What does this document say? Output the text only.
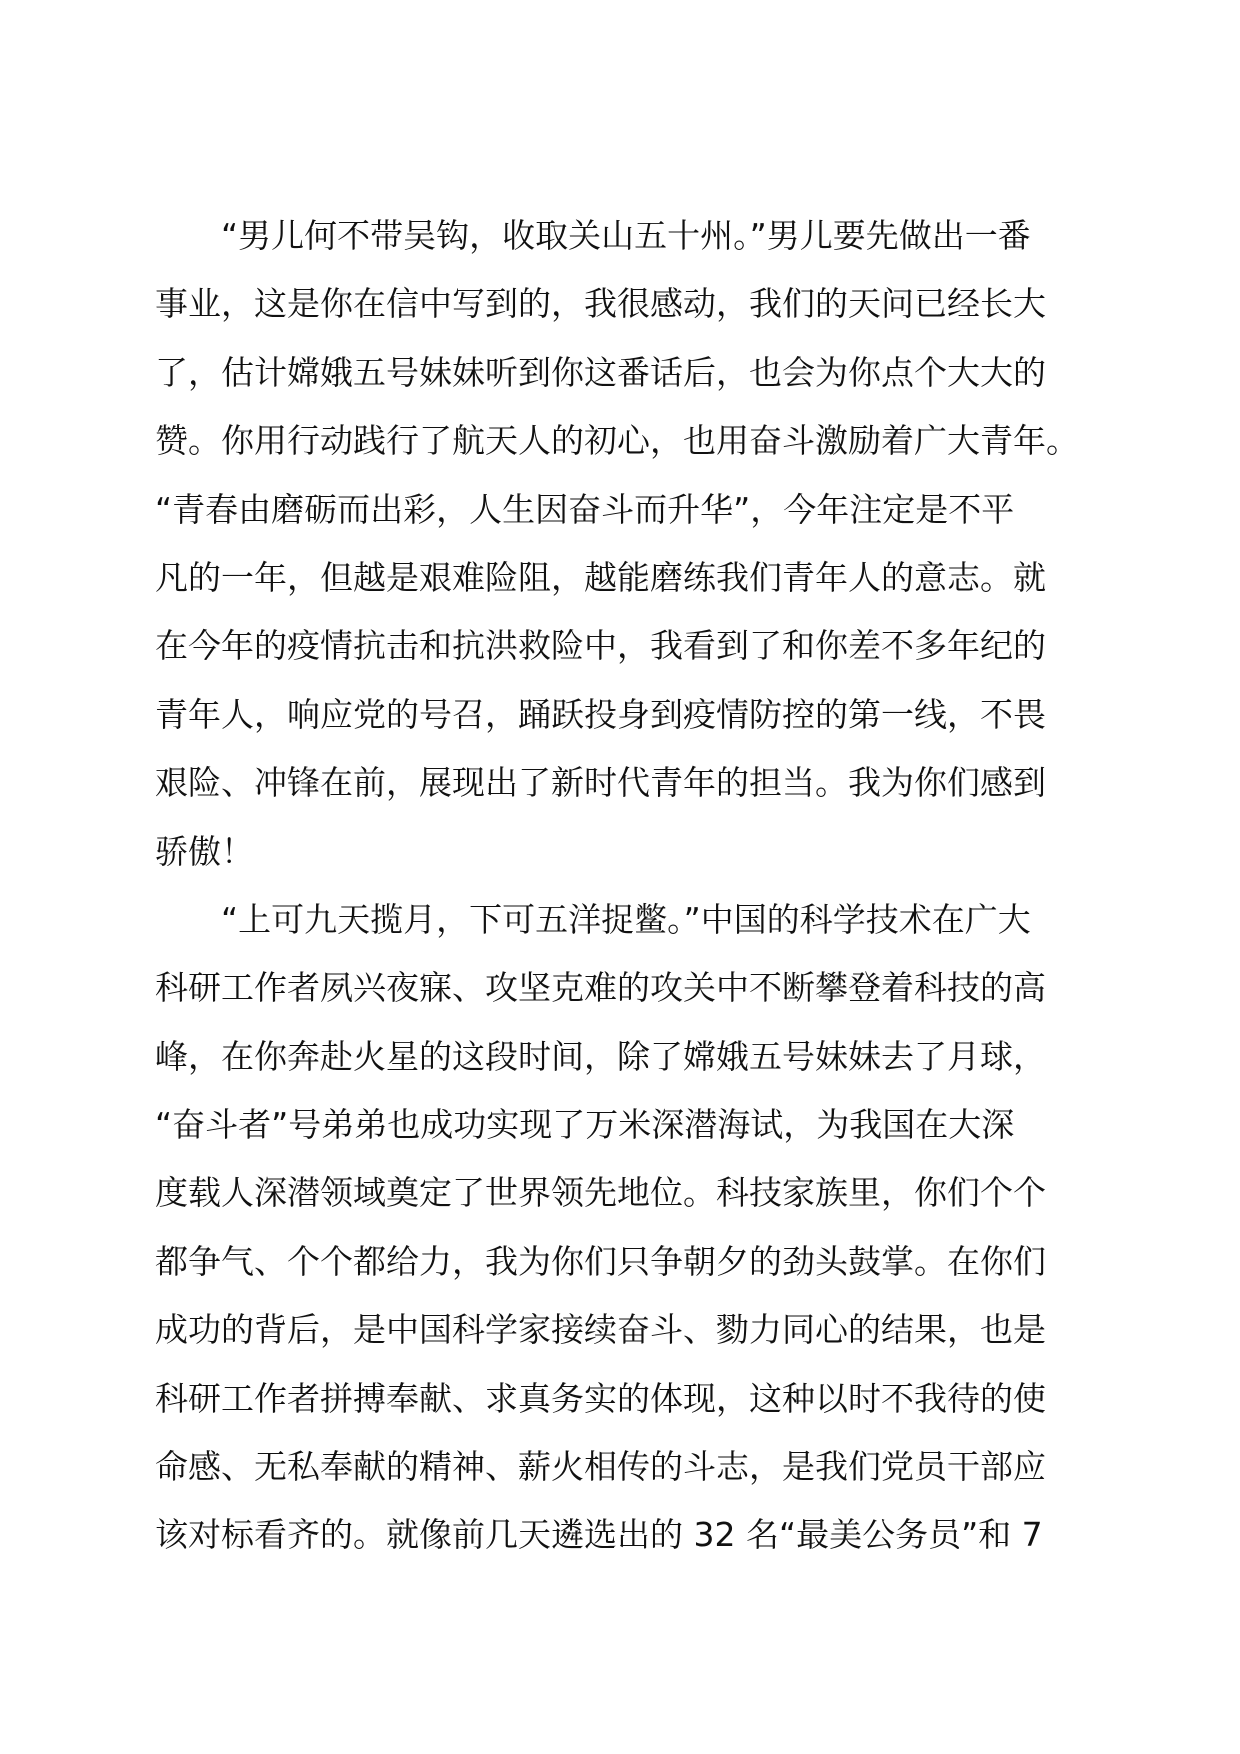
“男儿何不带吴钩，收取关山五十州。”男儿要先做出一番
事业，这是你在信中写到的，我很感动，我们的天问已经长大
了，估计嫦娥五号妹妹听到你这番话后，也会为你点个大大的
赞。你用行动践行了航天人的初心，也用奋斗激励着广大青年。
“青春由磨砺而出彩，人生因奋斗而升华”，今年注定是不平
凡的一年，但越是艰难险阻，越能磨练我们青年人的意志。就
在今年的疫情抗击和抗洪救险中，我看到了和你差不多年纪的
青年人，响应党的号召，踊跃投身到疫情防控的第一线，不畏
艰险、冲锋在前，展现出了新时代青年的担当。我为你们感到
骄傲！
“上可九天揽月，下可五洋捉鳖。”中国的科学技术在广大
科研工作者夙兴夜寐、攻坚克难的攻关中不断攀登着科技的高
峰，在你奔赴火星的这段时间，除了嫦娥五号妹妹去了月球，
“奋斗者”号弟弟也成功实现了万米深潜海试，为我国在大深
度载人深潜领域奠定了世界领先地位。科技家族里，你们个个
都争气、个个都给力，我为你们只争朝夕的劲头鼓掌。在你们
成功的背后，是中国科学家接续奋斗、勠力同心的结果，也是
科研工作者拼搏奉献、求真务实的体现，这种以时不我待的使
命感、无私奉献的精神、薪火相传的斗志，是我们党员干部应
该对标看齐的。就像前几天遴选出的 32 名“最美公务员”和 7
